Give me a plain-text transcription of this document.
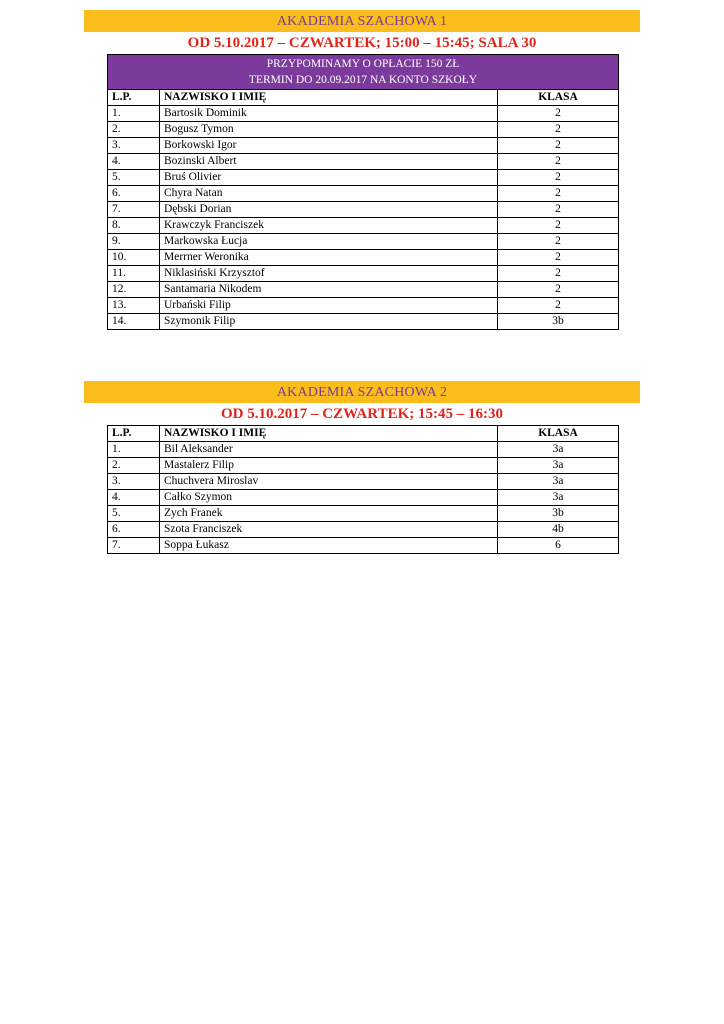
AKADEMIA SZACHOWA 1
OD 5.10.2017 – CZWARTEK; 15:00 – 15:45; SALA 30
PRZYPOMINAMY O OPŁACIE 150 ZŁ
TERMIN DO 20.09.2017 NA KONTO SZKOŁY		

L.P.	NAZWISKO I IMIĘ	KLASA
1.	Bartosik Dominik	2
2.	Bogusz Tymon	2
3.	Borkowski Igor	2
4.	Bozinski Albert	2
5.	Bruś Olivier	2
6.	Chyra Natan	2
7.	Dębski Dorian	2
8.	Krawczyk Franciszek	2
9.	Markowska Łucja	2
10.	Merrner Weronika	2
11.	Niklasiński Krzysztof	2
12.	Santamaria Nikodem	2
13.	Urbański Filip	2
14.	Szymonik Filip	3b
AKADEMIA SZACHOWA 2
OD 5.10.2017 – CZWARTEK; 15:45 – 16:30
L.P.	NAZWISKO I IMIĘ	KLASA
1.	Bil Aleksander	3a
2.	Mastalerz Filip	3a
3.	Chuchvera Miroslav	3a
4.	Całko Szymon	3a
5.	Zych Franek	3b
6.	Szota Franciszek	4b
7.	Soppa Łukasz	6
